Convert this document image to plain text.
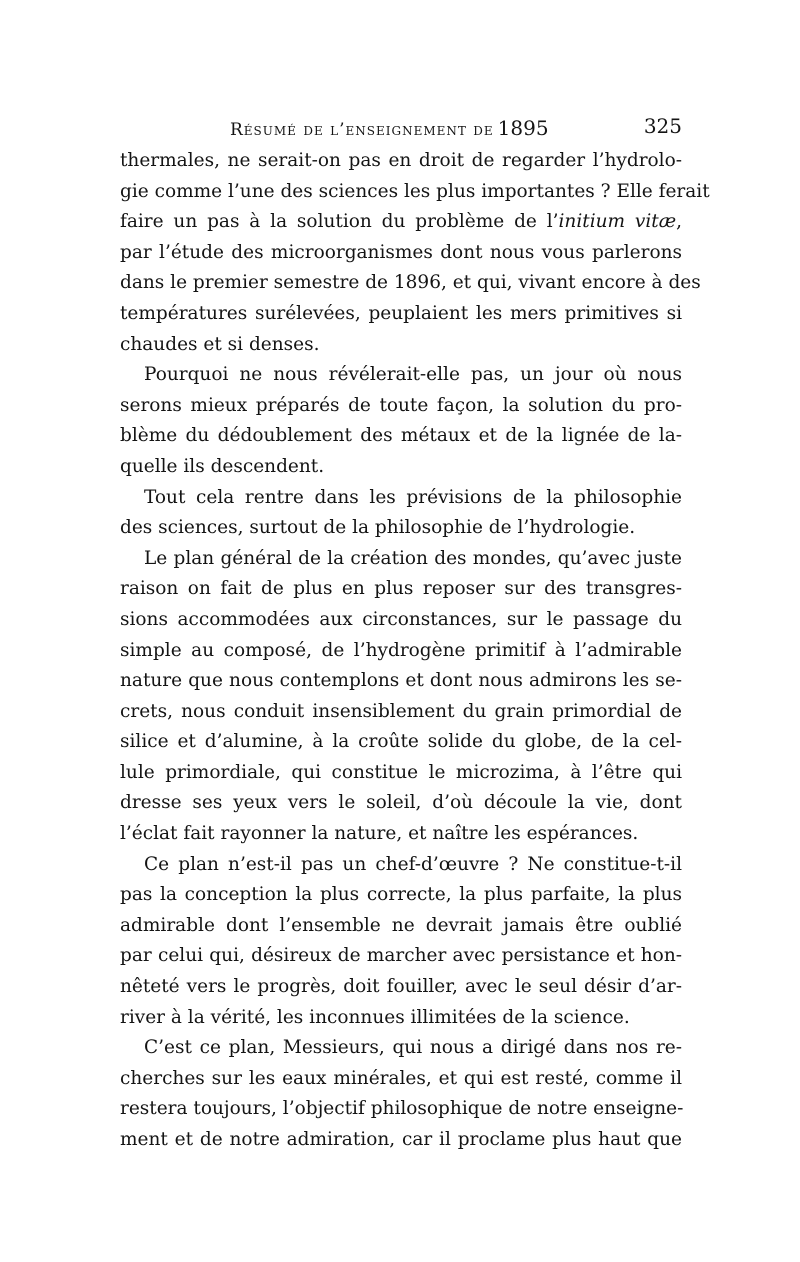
Résumé de l’enseignement de 1895	325
thermales, ne serait-on pas en droit de regarder l’hydrolo-
gie comme l’une des sciences les plus importantes ? Elle ferait
faire un pas à la solution du problème de l’initium vitæ,
par l’étude des microorganismes dont nous vous parlerons
dans le premier semestre de 1896, et qui, vivant encore à des
températures surélevées, peuplaient les mers primitives si
chaudes et si denses.
Pourquoi ne nous révélerait-elle pas, un jour où nous
serons mieux préparés de toute façon, la solution du pro-
blème du dédoublement des métaux et de la lignée de la-
quelle ils descendent.
Tout cela rentre dans les prévisions de la philosophie
des sciences, surtout de la philosophie de l’hydrologie.
Le plan général de la création des mondes, qu’avec juste
raison on fait de plus en plus reposer sur des transgres-
sions accommodées aux circonstances, sur le passage du
simple au composé, de l’hydrogène primitif à l’admirable
nature que nous contemplons et dont nous admirons les se-
crets, nous conduit insensiblement du grain primordial de
silice et d’alumine, à la croûte solide du globe, de la cel-
lule primordiale, qui constitue le microzima, à l’être qui
dresse ses yeux vers le soleil, d’où découle la vie, dont
l’éclat fait rayonner la nature, et naître les espérances.
Ce plan n’est-il pas un chef-d’œuvre ? Ne constitue-t-il
pas la conception la plus correcte, la plus parfaite, la plus
admirable dont l’ensemble ne devrait jamais être oublié
par celui qui, désireux de marcher avec persistance et hon-
nêteté vers le progrès, doit fouiller, avec le seul désir d’ar-
river à la vérité, les inconnues illimitées de la science.
C’est ce plan, Messieurs, qui nous a dirigé dans nos re-
cherches sur les eaux minérales, et qui est resté, comme il
restera toujours, l’objectif philosophique de notre enseigne-
ment et de notre admiration, car il proclame plus haut que
